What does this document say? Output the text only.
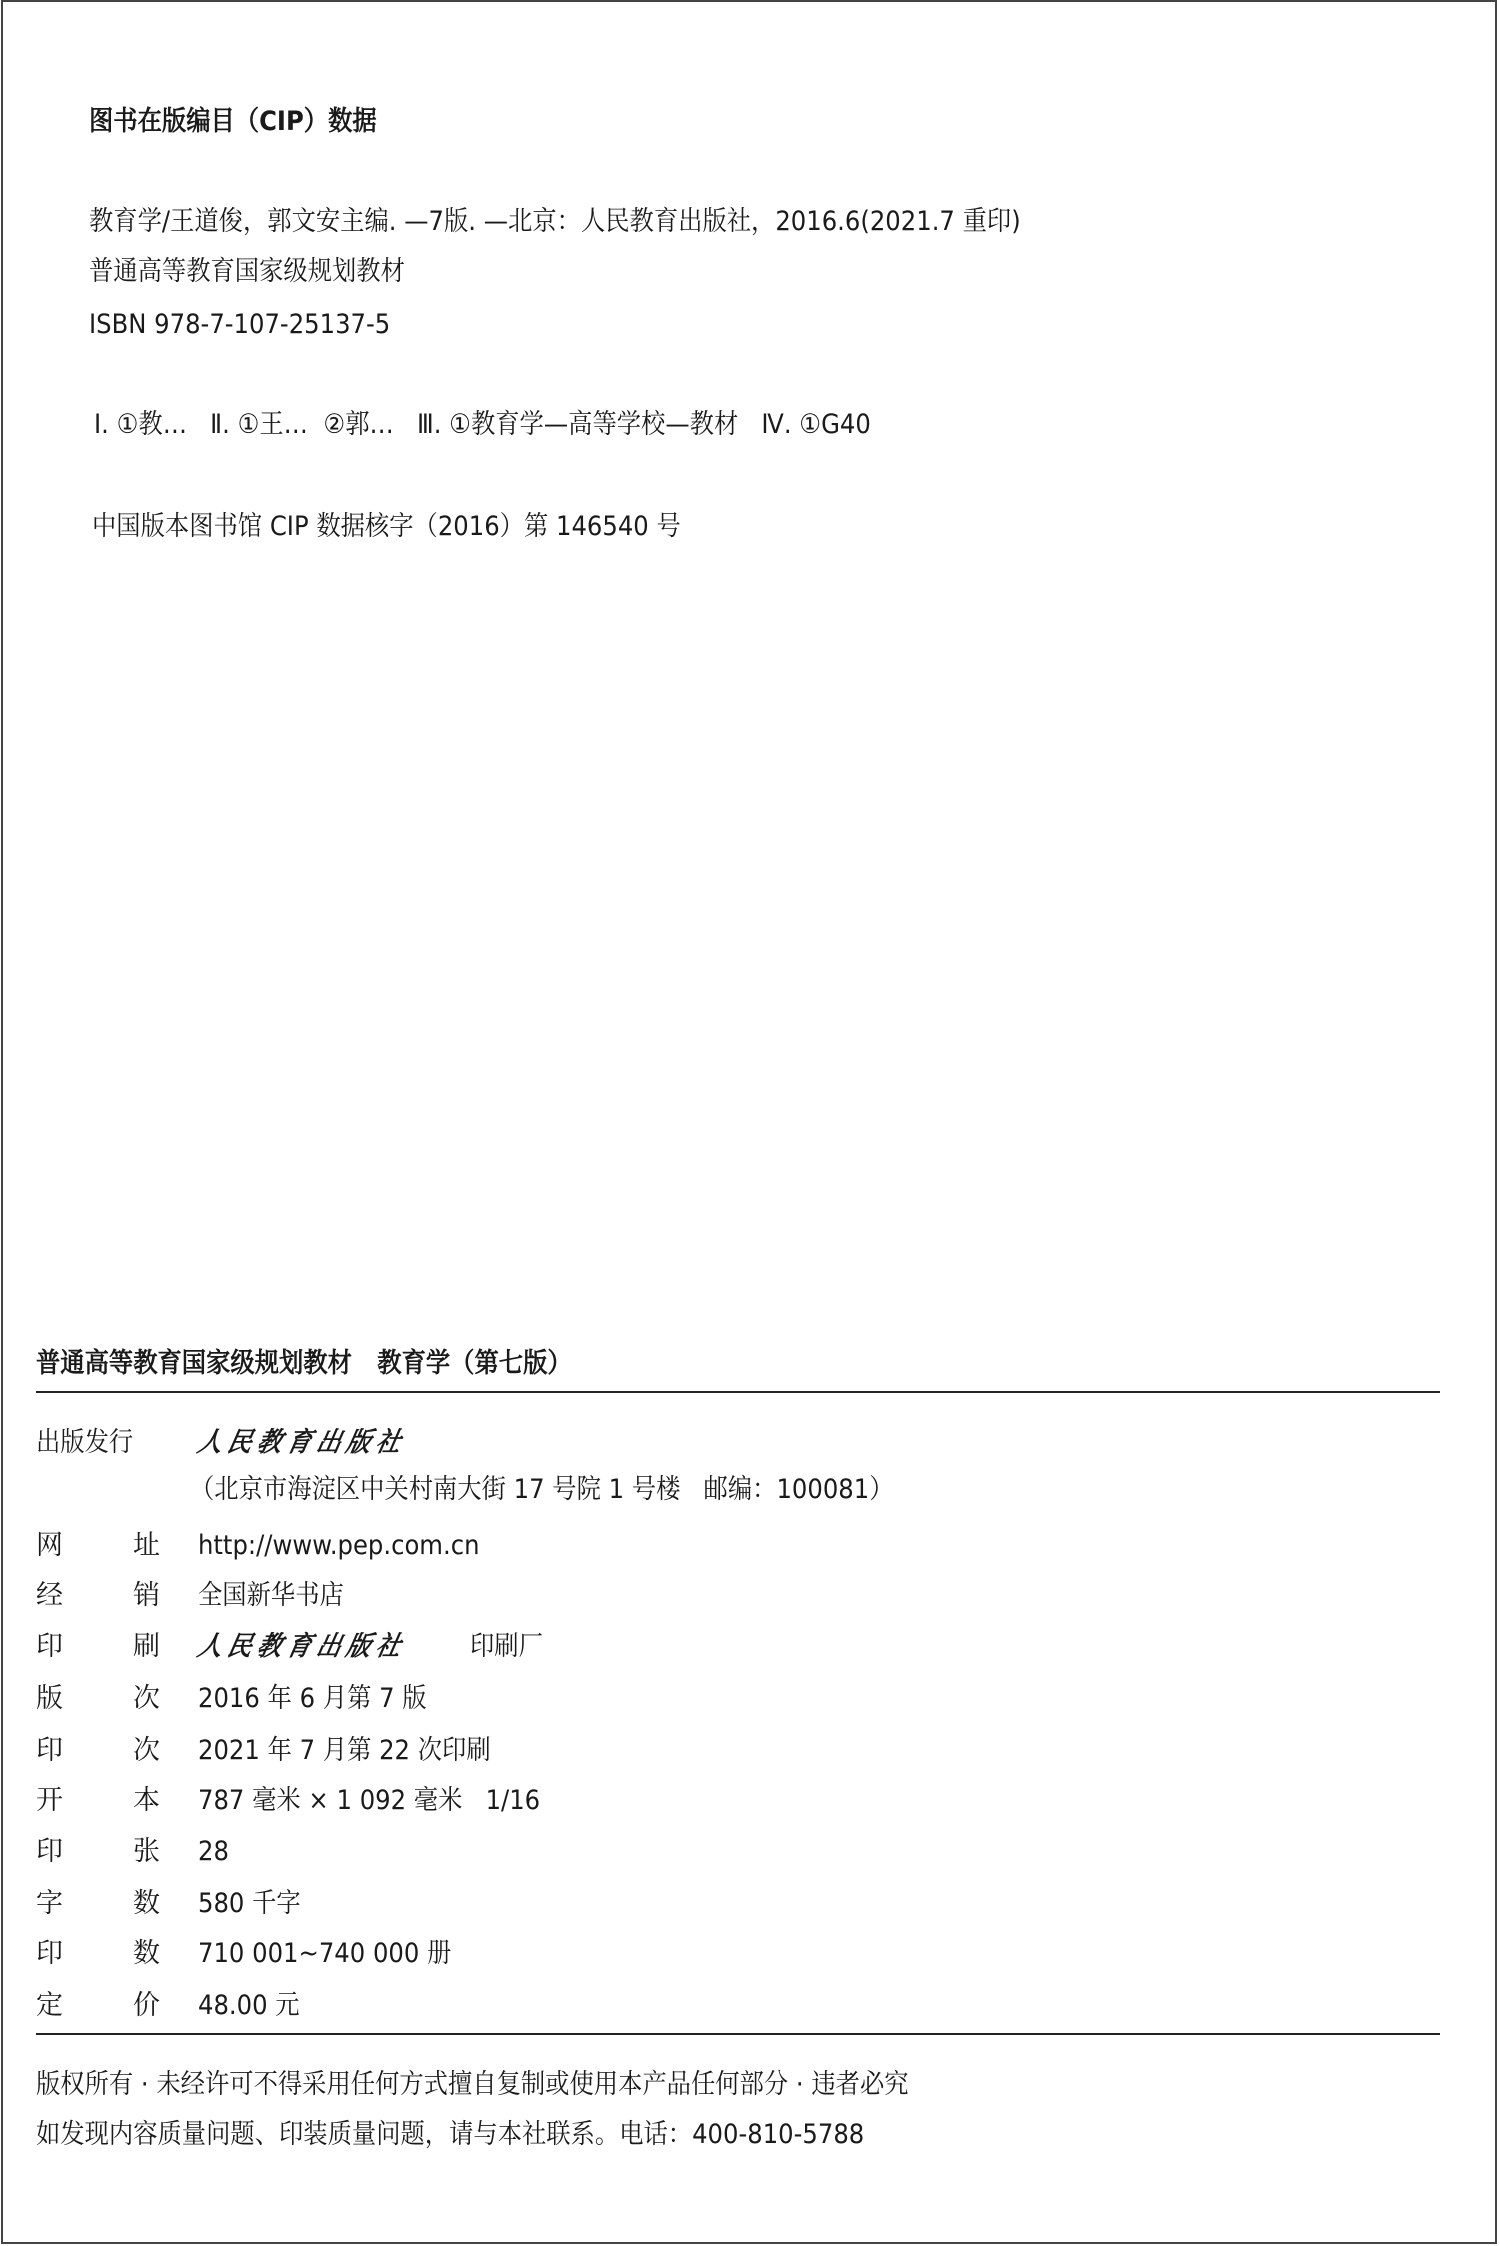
图书在版编目（CIP）数据
教育学/王道俊，郭文安主编. —7版. —北京：人民教育出版社，2016.6(2021.7 重印)
普通高等教育国家级规划教材
ISBN 978-7-107-25137-5
Ⅰ. ①教…   Ⅱ. ①王…  ②郭…   Ⅲ. ①教育学—高等学校—教材   Ⅳ. ①G40
中国版本图书馆 CIP 数据核字（2016）第 146540 号
普通高等教育国家级规划教材   教育学（第七版）
出版发行 人民教育出版社
（北京市海淀区中关村南大街 17 号院 1 号楼   邮编：100081）
网	址 http://www.pep.com.cn
经	销 全国新华书店
印	刷 人民教育出版社 印刷厂
版	次 2016 年 6 月第 7 版
印	次 2021 年 7 月第 22 次印刷
开	本 787 毫米 × 1 092 毫米   1/16
印	张 28
字	数 580 千字
印	数 710 001~740 000 册
定	价 48.00 元
版权所有 · 未经许可不得采用任何方式擅自复制或使用本产品任何部分 · 违者必究
如发现内容质量问题、印装质量问题，请与本社联系。电话：400-810-5788
